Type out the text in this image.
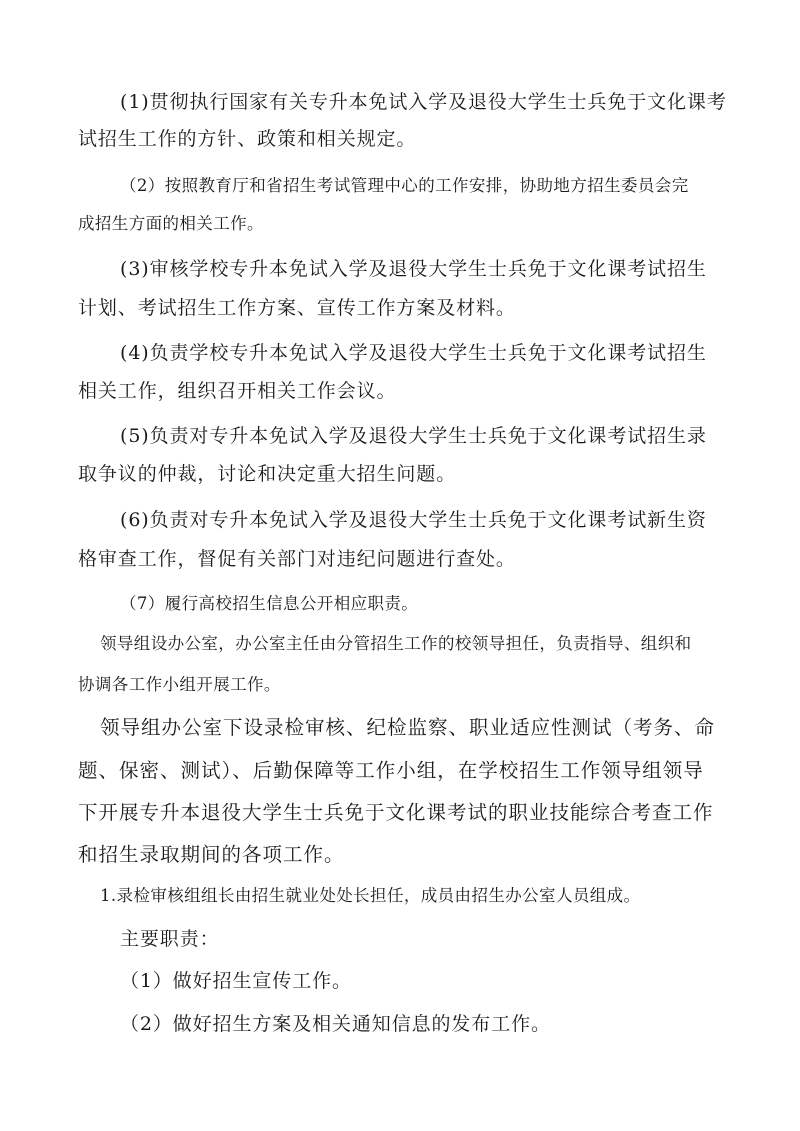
(1)贯彻执行国家有关专升本免试入学及退役大学生士兵免于文化课考
试招生工作的方针、政策和相关规定。
（2）按照教育厅和省招生考试管理中心的工作安排，协助地方招生委员会完
成招生方面的相关工作。
(3)审核学校专升本免试入学及退役大学生士兵免于文化课考试招生
计划、考试招生工作方案、宣传工作方案及材料。
(4)负责学校专升本免试入学及退役大学生士兵免于文化课考试招生
相关工作，组织召开相关工作会议。
(5)负责对专升本免试入学及退役大学生士兵免于文化课考试招生录
取争议的仲裁，讨论和决定重大招生问题。
(6)负责对专升本免试入学及退役大学生士兵免于文化课考试新生资
格审查工作，督促有关部门对违纪问题进行查处。
（7）履行高校招生信息公开相应职责。
领导组设办公室，办公室主任由分管招生工作的校领导担任，负责指导、组织和
协调各工作小组开展工作。
领导组办公室下设录检审核、纪检监察、职业适应性测试（考务、命
题、保密、测试）、后勤保障等工作小组，在学校招生工作领导组领导
下开展专升本退役大学生士兵免于文化课考试的职业技能综合考查工作
和招生录取期间的各项工作。
1.录检审核组组长由招生就业处处长担任，成员由招生办公室人员组成。
主要职责：
（1）做好招生宣传工作。
（2）做好招生方案及相关通知信息的发布工作。
